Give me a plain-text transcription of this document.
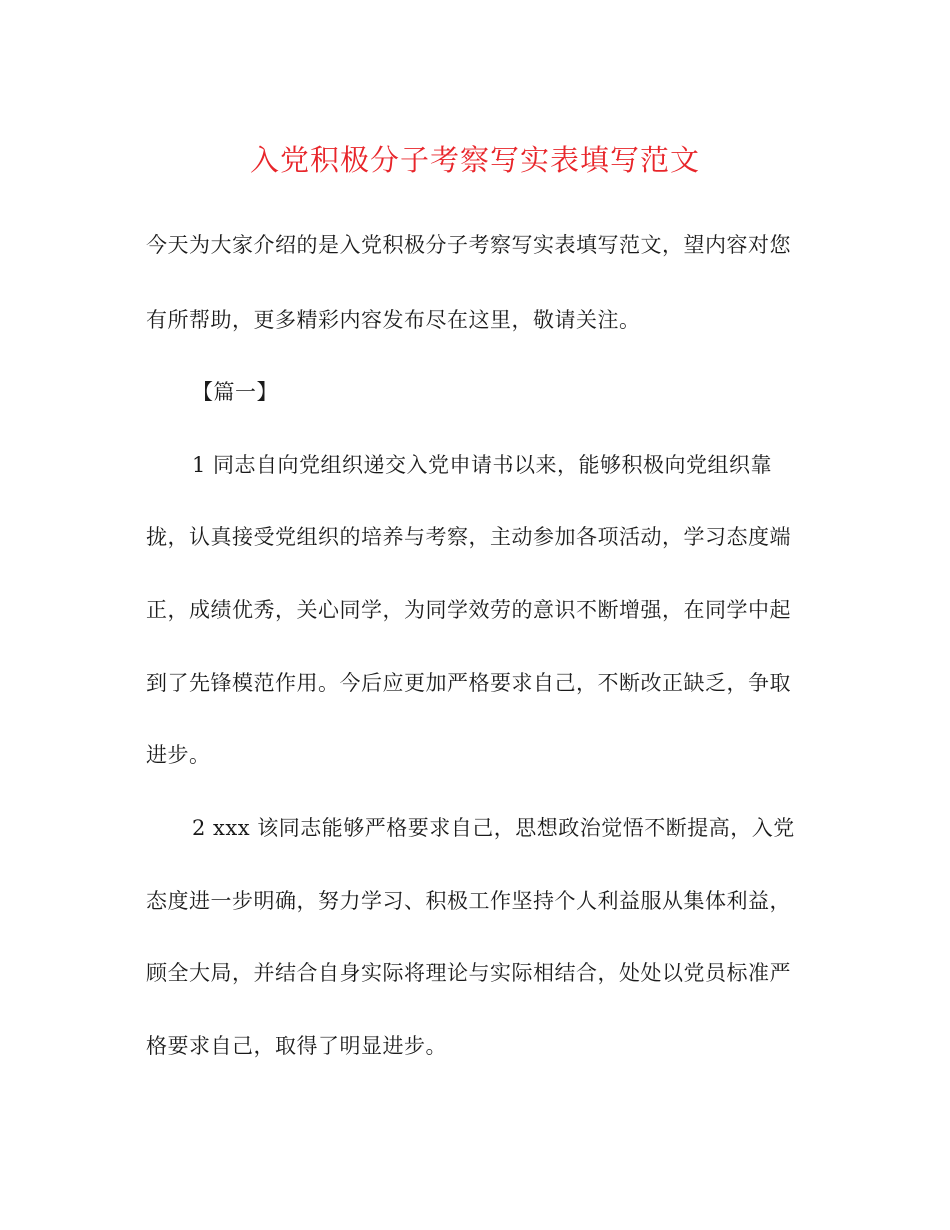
入党积极分子考察写实表填写范文

今天为大家介绍的是入党积极分子考察写实表填写范文，望内容对您

有所帮助，更多精彩内容发布尽在这里，敬请关注。

【篇一】

1 同志自向党组织递交入党申请书以来，能够积极向党组织靠

拢，认真接受党组织的培养与考察，主动参加各项活动，学习态度端

正，成绩优秀，关心同学，为同学效劳的意识不断增强，在同学中起

到了先锋模范作用。今后应更加严格要求自己，不断改正缺乏，争取

进步。

2 xxx 该同志能够严格要求自己，思想政治觉悟不断提高，入党

态度进一步明确，努力学习、积极工作坚持个人利益服从集体利益，

顾全大局，并结合自身实际将理论与实际相结合，处处以党员标准严

格要求自己，取得了明显进步。
